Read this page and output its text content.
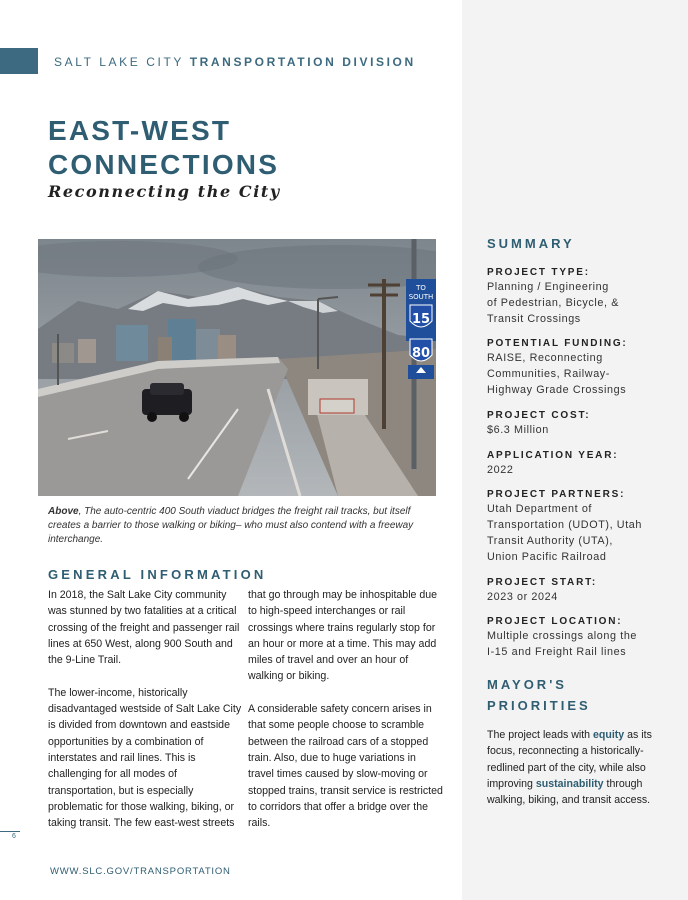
SALT LAKE CITY TRANSPORTATION DIVISION
EAST-WEST
CONNECTIONS
Reconnecting the City
TO
SOUTH
15
80
Above, The auto-centric 400 South viaduct bridges the freight rail tracks, but itself creates a barrier to those walking or biking– who must also contend with a freeway interchange.
GENERAL INFORMATION

In 2018, the Salt Lake City community was stunned by two fatalities at a critical crossing of the freight and passenger rail lines at 650 West, along 900 South and the 9-Line Trail.

The lower-income, historically disadvantaged westside of Salt Lake City is divided from downtown and eastside opportunities by a combination of interstates and rail lines. This is challenging for all modes of transportation, but is especially problematic for those walking, biking, or taking transit. The few east-west streets

that go through may be inhospitable due to high-speed interchanges or rail crossings where trains regularly stop for an hour or more at a time. This may add miles of travel and over an hour of walking or biking.

A considerable safety concern arises in that some people choose to scramble between the railroad cars of a stopped train. Also, due to huge variations in travel times caused by slow-moving or stopped trains, transit service is restricted to corridors that offer a bridge over the rails.

6
WWW.SLC.GOV/TRANSPORTATION
SUMMARY
PROJECT TYPE:
Planning / Engineering
of Pedestrian, Bicycle, &
Transit Crossings
POTENTIAL FUNDING:
RAISE, Reconnecting
Communities, Railway-
Highway Grade Crossings
PROJECT COST:
$6.3 Million
APPLICATION YEAR:
2022
PROJECT PARTNERS:
Utah Department of
Transportation (UDOT), Utah
Transit Authority (UTA),
Union Pacific Railroad
PROJECT START:
2023 or 2024
PROJECT LOCATION:
Multiple crossings along the
I-15 and Freight Rail lines
MAYOR'S PRIORITIES
The project leads with equity as its focus, reconnecting a historically-redlined part of the city, while also improving sustainability through walking, biking, and transit access.
